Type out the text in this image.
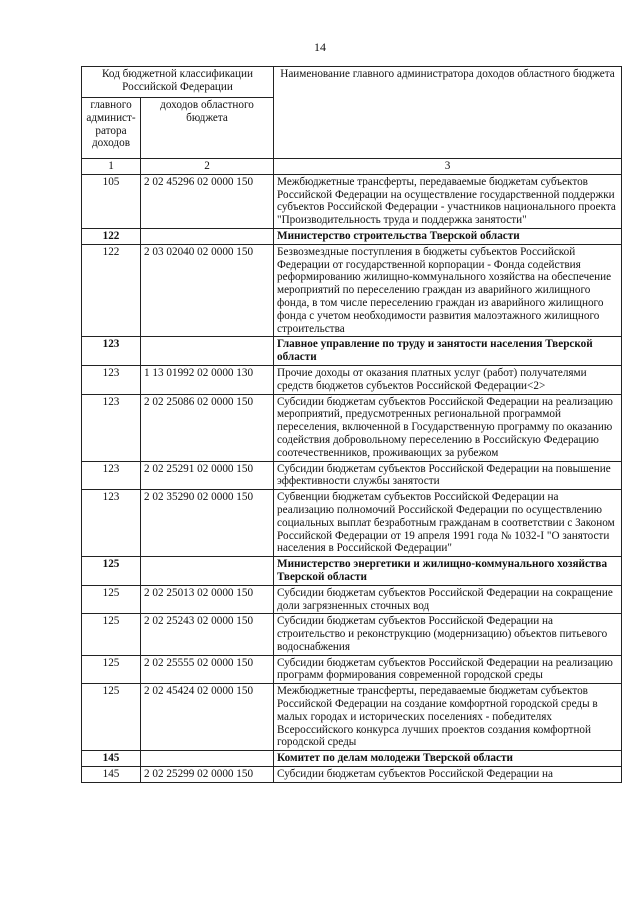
14
Код бюджетной классификации Российской Федерации		Наименование главного администратора доходов областного бюджета
главного админист-ратора доходов	доходов областного бюджета	
1	2	3
105	2 02 45296 02 0000 150	Межбюджетные трансферты, передаваемые бюджетам субъектов Российской Федерации на осуществление государственной поддержки субъектов Российской Федерации - участников национального проекта "Производительность труда и поддержка занятости"
122		Министерство строительства Тверской области
122	2 03 02040 02 0000 150	Безвозмездные поступления в бюджеты субъектов Российской Федерации от государственной корпорации - Фонда содействия реформированию жилищно-коммунального хозяйства на обеспечение мероприятий по переселению граждан из аварийного жилищного фонда, в том числе переселению граждан из аварийного жилищного фонда с учетом необходимости развития малоэтажного жилищного строительства
123		Главное управление по труду и занятости населения Тверской области
123	1 13 01992 02 0000 130	Прочие доходы от оказания платных услуг (работ) получателями средств бюджетов субъектов Российской Федерации<2>
123	2 02 25086 02 0000 150	Субсидии бюджетам субъектов Российской Федерации на реализацию мероприятий, предусмотренных региональной программой переселения, включенной в Государственную программу по оказанию содействия добровольному переселению в Российскую Федерацию соотечественников, проживающих за рубежом
123	2 02 25291 02 0000 150	Субсидии бюджетам субъектов Российской Федерации на повышение эффективности службы занятости
123	2 02 35290 02 0000 150	Субвенции бюджетам субъектов Российской Федерации на реализацию полномочий Российской Федерации по осуществлению социальных выплат безработным гражданам в соответствии с Законом Российской Федерации от 19 апреля 1991 года № 1032-I "О занятости населения в Российской Федерации"
125		Министерство энергетики и жилищно-коммунального хозяйства Тверской области
125	2 02 25013 02 0000 150	Субсидии бюджетам субъектов Российской Федерации на сокращение доли загрязненных сточных вод
125	2 02 25243 02 0000 150	Субсидии бюджетам субъектов Российской Федерации на строительство и реконструкцию (модернизацию) объектов питьевого водоснабжения
125	2 02 25555 02 0000 150	Субсидии бюджетам субъектов Российской Федерации на реализацию программ формирования современной городской среды
125	2 02 45424 02 0000 150	Межбюджетные трансферты, передаваемые бюджетам субъектов Российской Федерации на создание комфортной городской среды в малых городах и исторических поселениях - победителях Всероссийского конкурса лучших проектов создания комфортной городской среды
145		Комитет по делам молодежи Тверской области
145	2 02 25299 02 0000 150	Субсидии бюджетам субъектов Российской Федерации на
